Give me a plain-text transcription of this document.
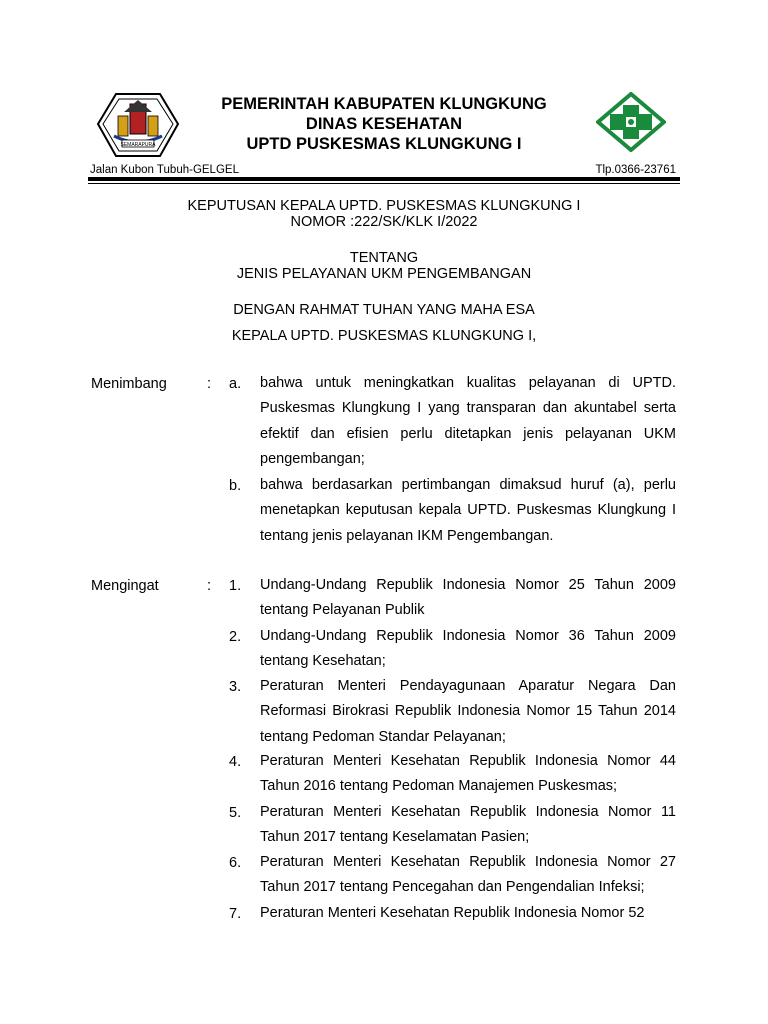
SEMARAPURA
PEMERINTAH KABUPATEN KLUNGKUNG
DINAS KESEHATAN
UPTD PUSKESMAS KLUNGKUNG I
Jalan Kubon Tubuh-GELGEL	Tlp.0366-23761
KEPUTUSAN KEPALA UPTD. PUSKESMAS KLUNGKUNG I
NOMOR :222/SK/KLK I/2022
TENTANG
JENIS PELAYANAN UKM PENGEMBANGAN
DENGAN RAHMAT TUHAN YANG MAHA ESA
KEPALA UPTD. PUSKESMAS KLUNGKUNG I,
Menimbang	: a. bahwa untuk meningkatkan kualitas pelayanan di UPTD. Puskesmas Klungkung I yang transparan dan akuntabel serta efektif dan efisien perlu ditetapkan jenis pelayanan UKM pengembangan;
b. bahwa berdasarkan pertimbangan dimaksud huruf (a), perlu menetapkan keputusan kepala UPTD. Puskesmas Klungkung I tentang jenis pelayanan IKM Pengembangan.
Mengingat	: 1. Undang-Undang Republik Indonesia Nomor 25 Tahun 2009 tentang Pelayanan Publik
2. Undang-Undang Republik Indonesia Nomor 36 Tahun 2009 tentang Kesehatan;
3. Peraturan Menteri Pendayagunaan Aparatur Negara Dan Reformasi Birokrasi Republik Indonesia Nomor 15 Tahun 2014 tentang Pedoman Standar Pelayanan;
4. Peraturan Menteri Kesehatan Republik Indonesia Nomor 44 Tahun 2016 tentang Pedoman Manajemen Puskesmas;
5. Peraturan Menteri Kesehatan Republik Indonesia Nomor 11 Tahun 2017 tentang Keselamatan Pasien;
6. Peraturan Menteri Kesehatan Republik Indonesia Nomor 27 Tahun 2017 tentang Pencegahan dan Pengendalian Infeksi;
7. Peraturan Menteri Kesehatan Republik Indonesia Nomor 52
